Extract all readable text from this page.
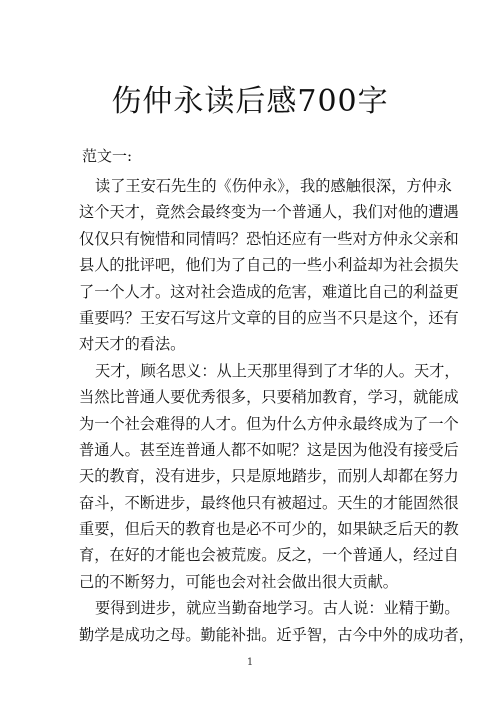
伤仲永读后感700字

范文一:

读了王安石先生的《伤仲永》，我的感触很深，方仲永
这个天才，竟然会最终变为一个普通人，我们对他的遭遇
仅仅只有惋惜和同情吗？恐怕还应有一些对方仲永父亲和
县人的批评吧，他们为了自己的一些小利益却为社会损失
了一个人才。这对社会造成的危害，难道比自己的利益更
重要吗？王安石写这片文章的目的应当不只是这个，还有
对天才的看法。
天才，顾名思义：从上天那里得到了才华的人。天才，
当然比普通人要优秀很多，只要稍加教育，学习，就能成
为一个社会难得的人才。但为什么方仲永最终成为了一个
普通人。甚至连普通人都不如呢？这是因为他没有接受后
天的教育，没有进步，只是原地踏步，而别人却都在努力
奋斗，不断进步，最终他只有被超过。天生的才能固然很
重要，但后天的教育也是必不可少的，如果缺乏后天的教
育，在好的才能也会被荒废。反之，一个普通人，经过自
己的不断努力，可能也会对社会做出很大贡献。
要得到进步，就应当勤奋地学习。古人说：业精于勤。
勤学是成功之母。勤能补拙。近乎智，古今中外的成功者，

1
